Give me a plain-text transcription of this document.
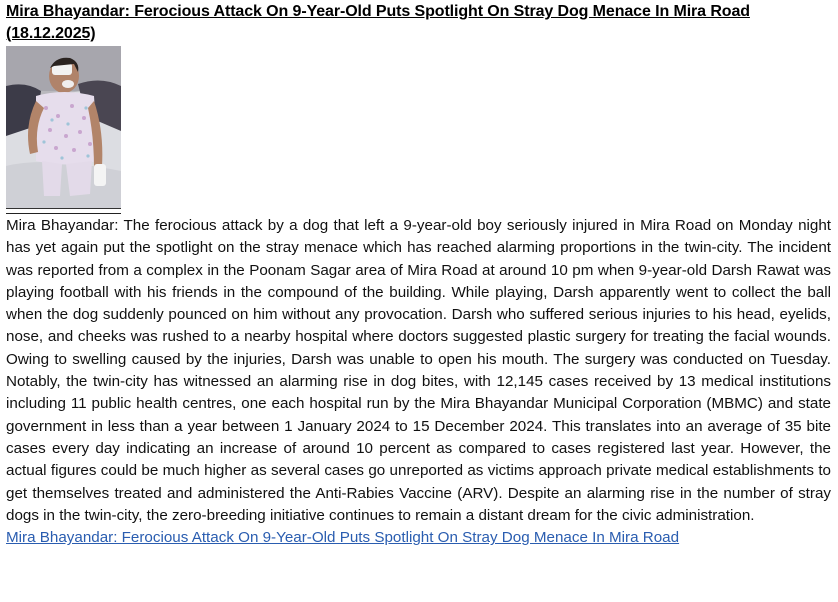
Mira Bhayandar: Ferocious Attack On 9-Year-Old Puts Spotlight On Stray Dog Menace In Mira Road
(18.12.2025)

Mira Bhayandar: The ferocious attack by a dog that left a 9-year-old boy seriously injured in Mira Road on Monday night has yet again put the spotlight on the stray menace which has reached alarming proportions in the twin-city. The incident was reported from a complex in the Poonam Sagar area of Mira Road at around 10 pm when 9-year-old Darsh Rawat was playing football with his friends in the compound of the building. While playing, Darsh apparently went to collect the ball when the dog suddenly pounced on him without any provocation. Darsh who suffered serious injuries to his head, eyelids, nose, and cheeks was rushed to a nearby hospital where doctors suggested plastic surgery for treating the facial wounds. Owing to swelling caused by the injuries, Darsh was unable to open his mouth. The surgery was conducted on Tuesday. Notably, the twin-city has witnessed an alarming rise in dog bites, with 12,145 cases received by 13 medical institutions including 11 public health centres, one each hospital run by the Mira Bhayandar Municipal Corporation (MBMC) and state government in less than a year between 1 January 2024 to 15 December 2024. This translates into an average of 35 bite cases every day indicating an increase of around 10 percent as compared to cases registered last year. However, the actual figures could be much higher as several cases go unreported as victims approach private medical establishments to get themselves treated and administered the Anti-Rabies Vaccine (ARV). Despite an alarming rise in the number of stray dogs in the twin-city, the zero-breeding initiative continues to remain a distant dream for the civic administration.

Mira Bhayandar: Ferocious Attack On 9-Year-Old Puts Spotlight On Stray Dog Menace In Mira Road
